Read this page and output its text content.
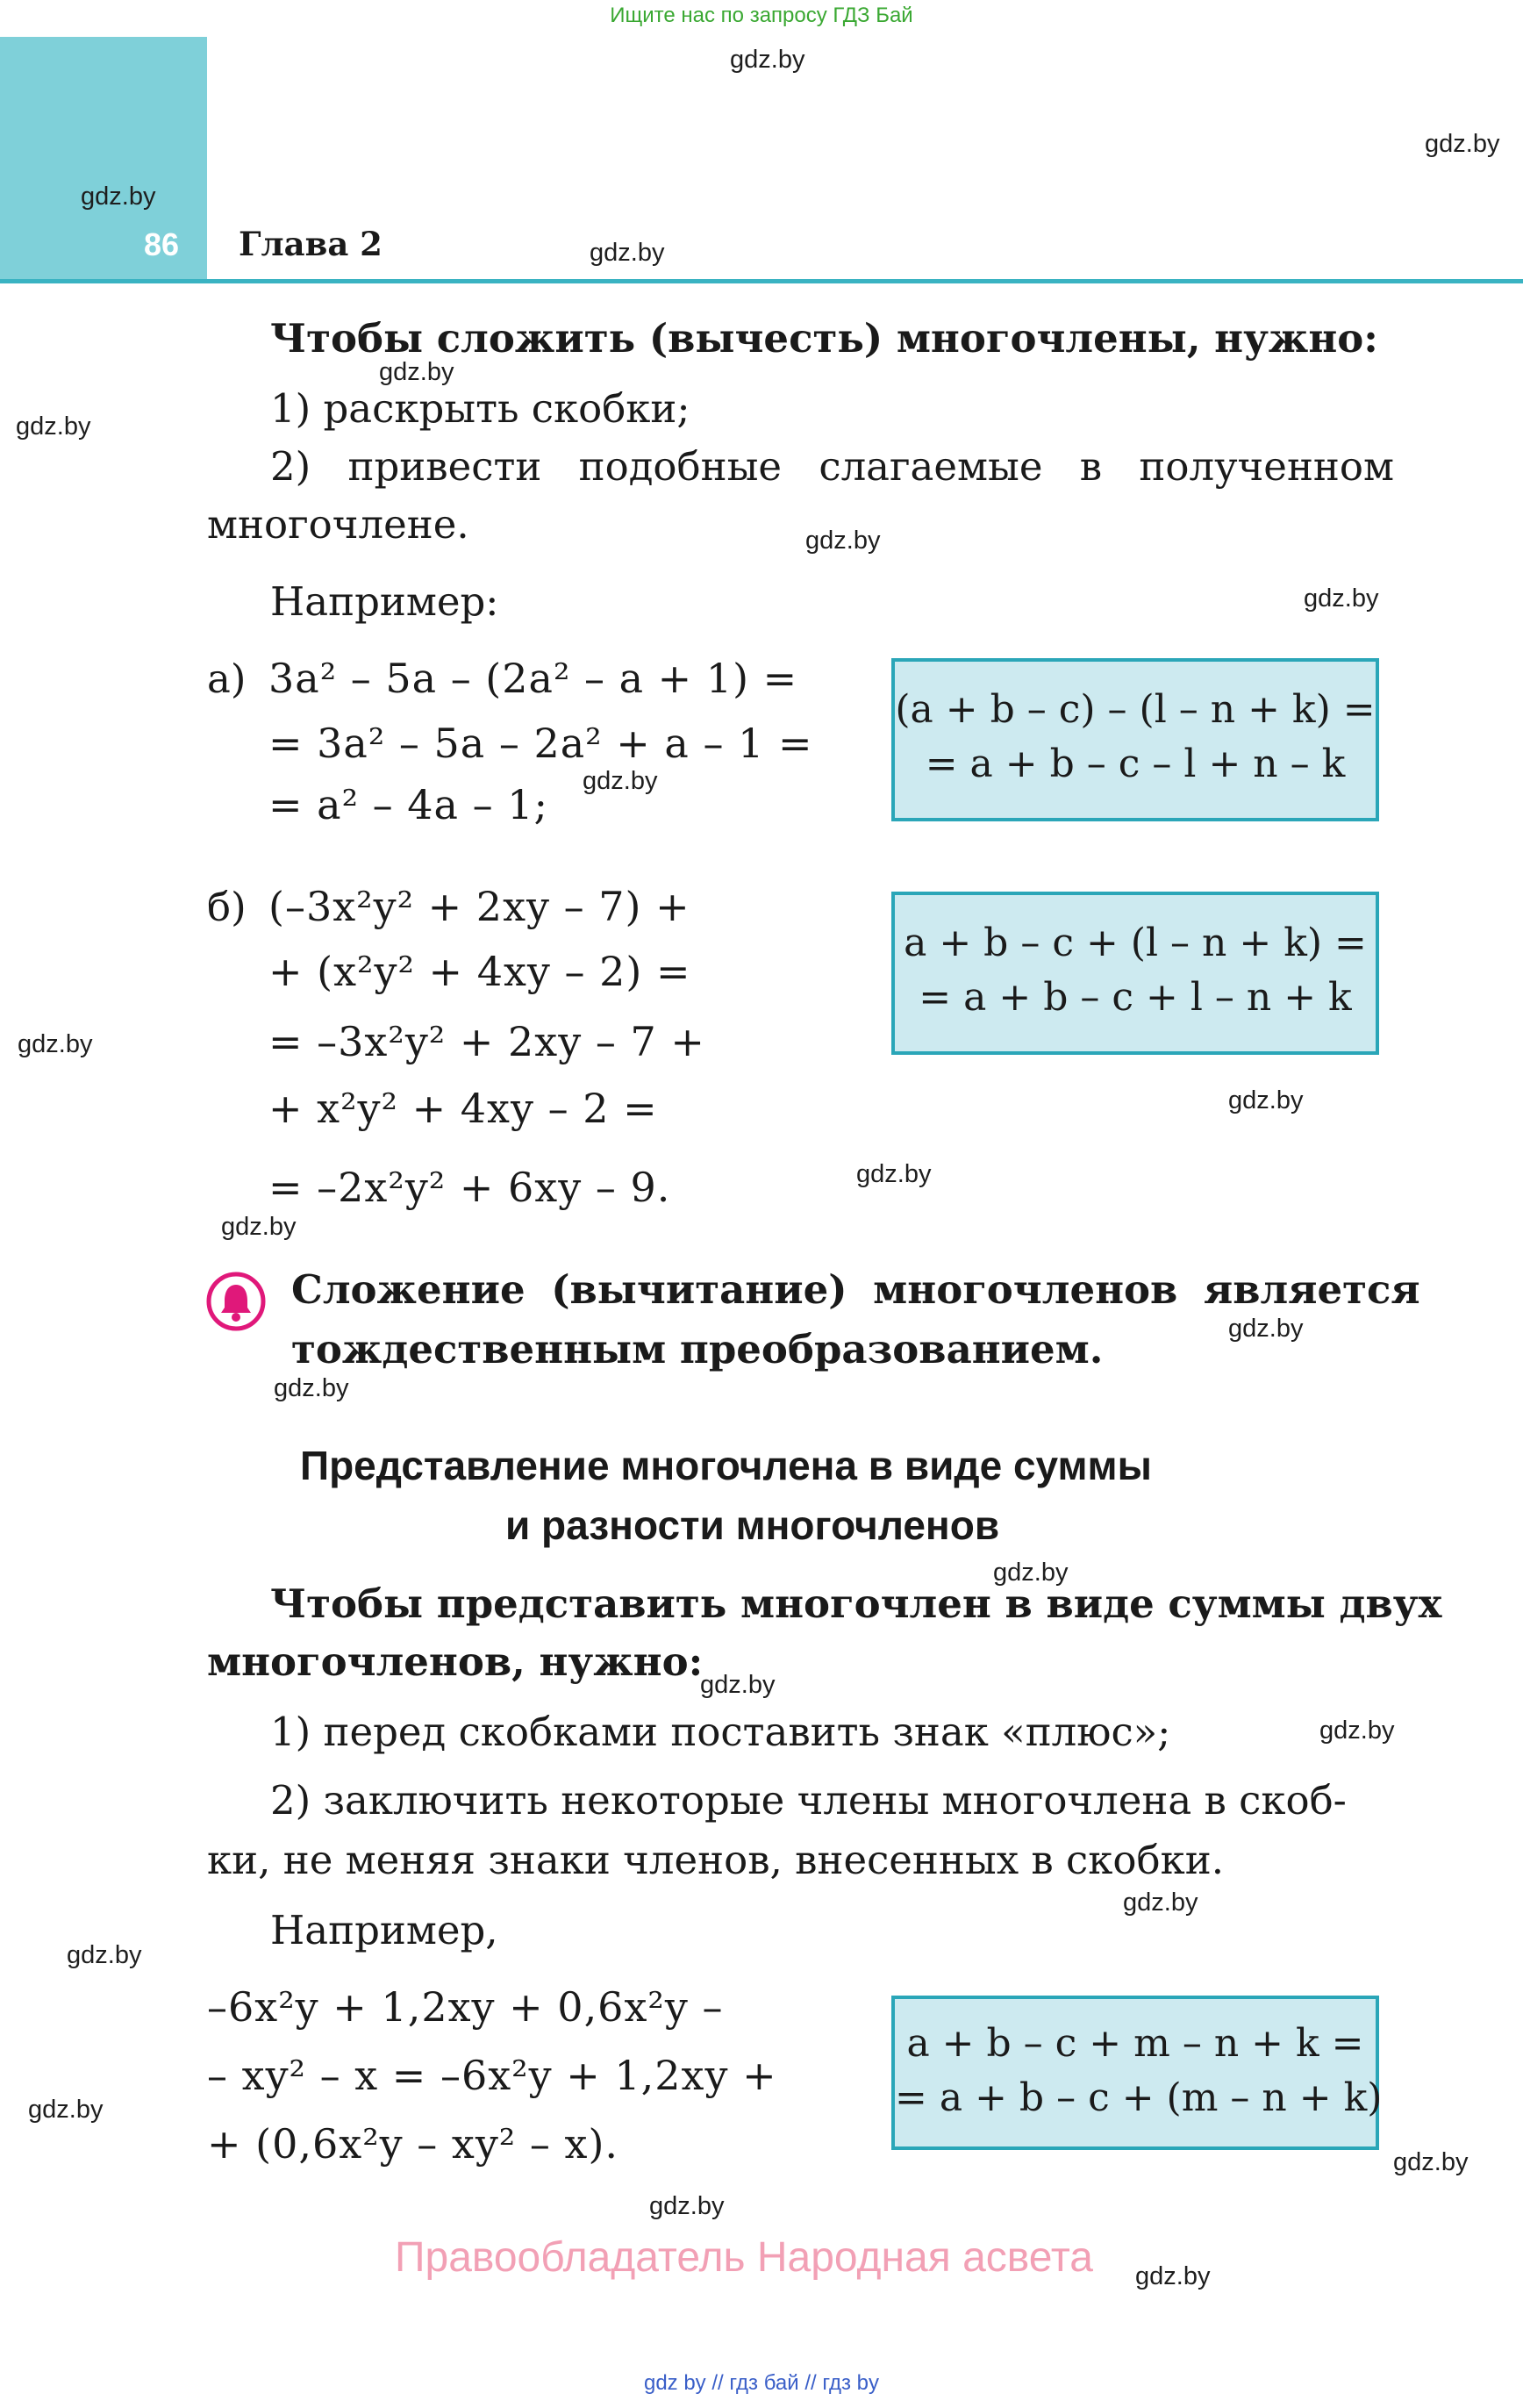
Ищите нас по запросу ГДЗ Бай
86 Глава 2
gdz.by
gdz.by
gdz.by
gdz.by
gdz.by
gdz.by
gdz.by
gdz.by
gdz.by
gdz.by
gdz.by
gdz.by
gdz.by
gdz.by
gdz.by
gdz.by
gdz.by
gdz.by
gdz.by
gdz.by
gdz.by
gdz.by
gdz.by
gdz.by
Чтобы сложить (вычесть) многочлены, нужно:
1) раскрыть скобки;
2) привести подобные слагаемые в полученном
многочлене.
Например:
а) 3a² – 5a – (2a² – a + 1) =
= 3a² – 5a – 2a² + a – 1 =
= a² – 4a – 1;
(a + b – c) – (l – n + k) =
= a + b – c – l + n – k
б) (–3x²y² + 2xy – 7) +
+ (x²y² + 4xy – 2) =
= –3x²y² + 2xy – 7 +
+ x²y² + 4xy – 2 =
= –2x²y² + 6xy – 9.
a + b – c + (l – n + k) =
= a + b – c + l – n + k
Сложение (вычитание) многочленов является
тождественным преобразованием.
Представление многочлена в виде суммы
и разности многочленов
Чтобы представить многочлен в виде суммы двух
многочленов, нужно:
1) перед скобками поставить знак «плюс»;
2) заключить некоторые члены многочлена в скоб-
ки, не меняя знаки членов, внесенных в скобки.
Например,
–6x²y + 1,2xy + 0,6x²y –
– xy² – x = –6x²y + 1,2xy +
+ (0,6x²y – xy² – x).
a + b – c + m – n + k =
= a + b – c + (m – n + k)
Правообладатель Народная асвета
gdz by // гдз бай // гдз by
